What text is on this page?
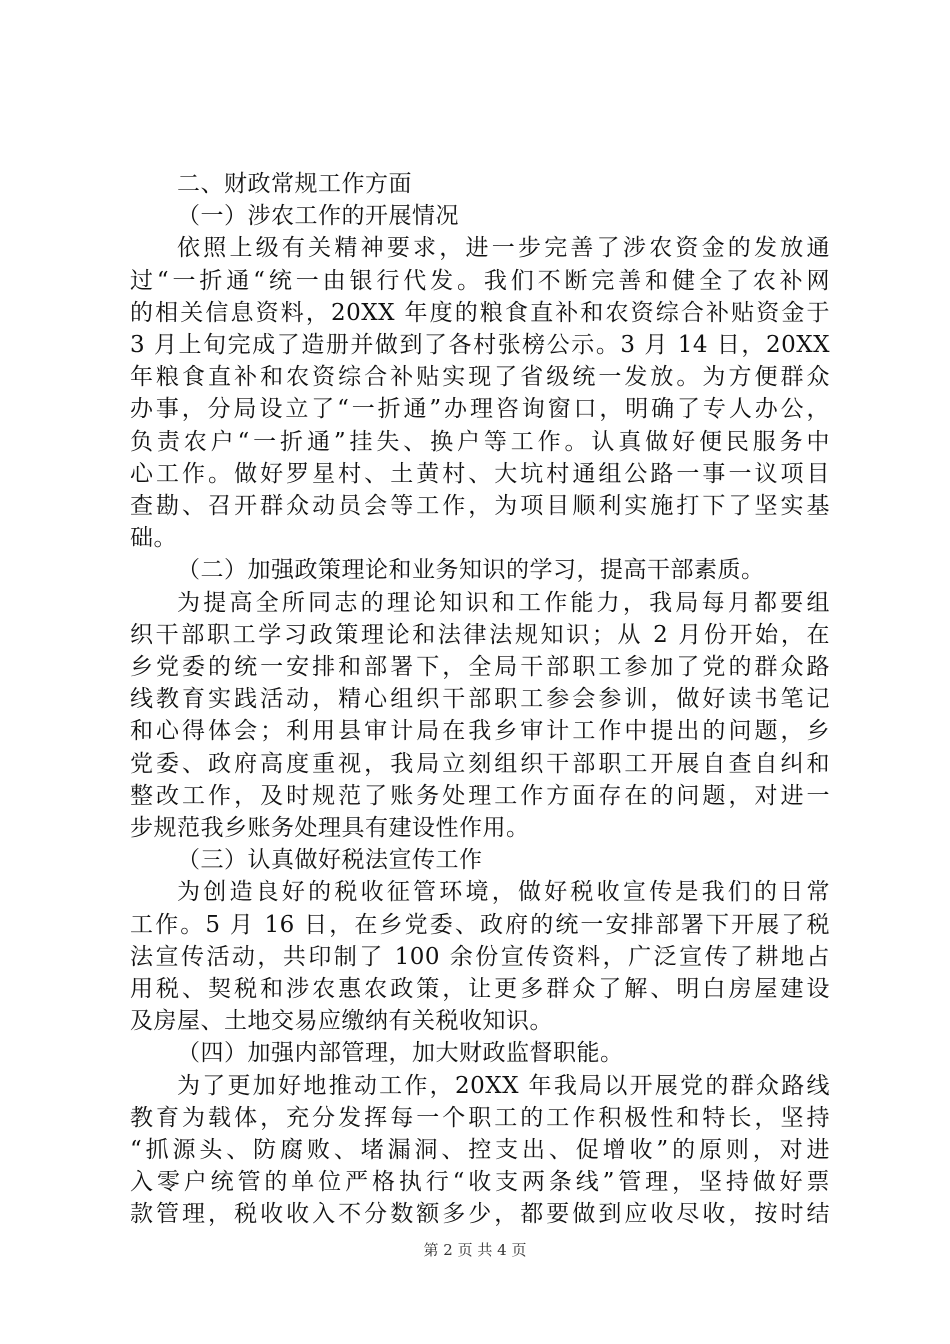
二、财政常规工作方面
（一）涉农工作的开展情况
依照上级有关精神要求，进一步完善了涉农资金的发放通
过“一折通“统一由银行代发。我们不断完善和健全了农补网
的相关信息资料，20XX 年度的粮食直补和农资综合补贴资金于
3 月上旬完成了造册并做到了各村张榜公示。3 月 14 日，20XX
年粮食直补和农资综合补贴实现了省级统一发放。为方便群众
办事，分局设立了“一折通”办理咨询窗口，明确了专人办公，
负责农户“一折通”挂失、换户等工作。认真做好便民服务中
心工作。做好罗星村、土黄村、大坑村通组公路一事一议项目
查勘、召开群众动员会等工作，为项目顺利实施打下了坚实基
础。
（二）加强政策理论和业务知识的学习，提高干部素质。
为提高全所同志的理论知识和工作能力，我局每月都要组
织干部职工学习政策理论和法律法规知识；从 2 月份开始，在
乡党委的统一安排和部署下，全局干部职工参加了党的群众路
线教育实践活动，精心组织干部职工参会参训，做好读书笔记
和心得体会；利用县审计局在我乡审计工作中提出的问题，乡
党委、政府高度重视，我局立刻组织干部职工开展自查自纠和
整改工作，及时规范了账务处理工作方面存在的问题，对进一
步规范我乡账务处理具有建设性作用。
（三）认真做好税法宣传工作
为创造良好的税收征管环境，做好税收宣传是我们的日常
工作。5 月 16 日，在乡党委、政府的统一安排部署下开展了税
法宣传活动，共印制了 100 余份宣传资料，广泛宣传了耕地占
用税、契税和涉农惠农政策，让更多群众了解、明白房屋建设
及房屋、土地交易应缴纳有关税收知识。
（四）加强内部管理，加大财政监督职能。
为了更加好地推动工作，20XX 年我局以开展党的群众路线
教育为载体，充分发挥每一个职工的工作积极性和特长，坚持
“抓源头、防腐败、堵漏洞、控支出、促增收”的原则，对进
入零户统管的单位严格执行“收支两条线”管理，坚持做好票
款管理，税收收入不分数额多少，都要做到应收尽收，按时结
第 2 页 共 4 页
